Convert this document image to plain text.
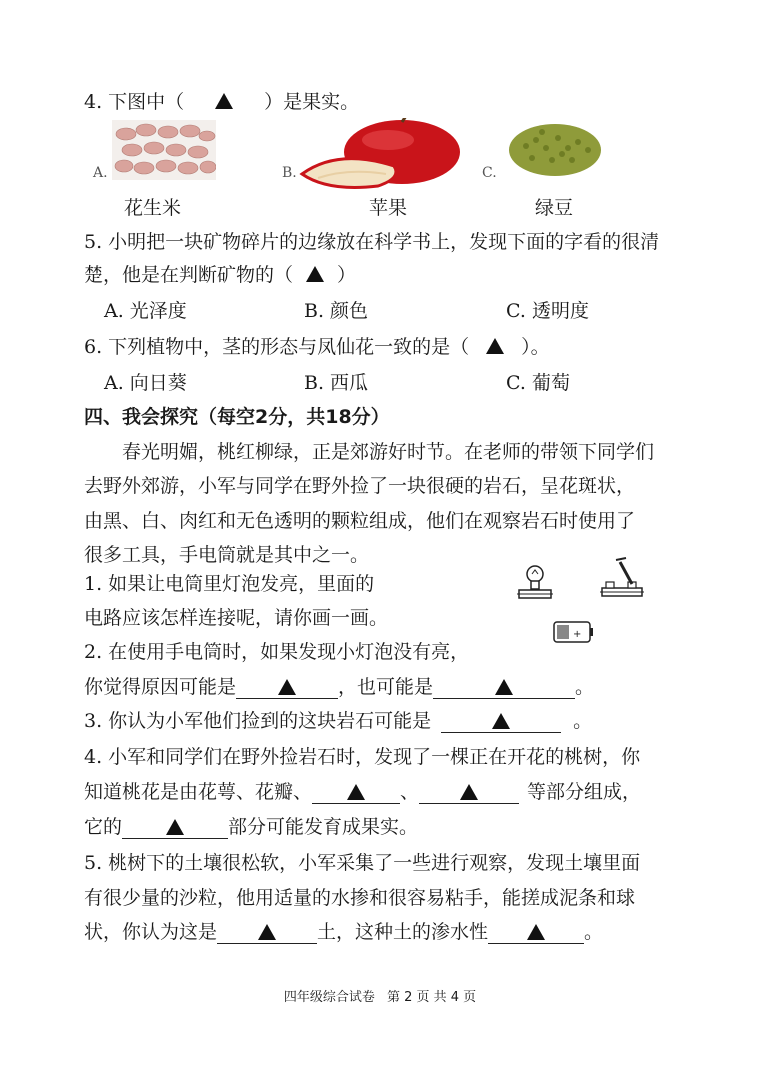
4. 下图中（	）是果实。
A.
花生米
B.
苹果
C.
绿豆
5. 小明把一块矿物碎片的边缘放在科学书上，发现下面的字看的很清
楚，他是在判断矿物的（ ）
A. 光泽度	B. 颜色	C. 透明度
6. 下列植物中，茎的形态与凤仙花一致的是（	）。
A. 向日葵	B. 西瓜	C. 葡萄
四、我会探究（每空2分，共18分）
春光明媚，桃红柳绿，正是郊游好时节。在老师的带领下同学们
去野外郊游，小军与同学在野外捡了一块很硬的岩石，呈花斑状，
由黑、白、肉红和无色透明的颗粒组成，他们在观察岩石时使用了
很多工具，手电筒就是其中之一。
1. 如果让电筒里灯泡发亮，里面的
电路应该怎样连接呢，请你画一画。
+
2. 在使用手电筒时，如果发现小灯泡没有亮，
你觉得原因可能是	，也可能是	。
3. 你认为小军他们捡到的这块岩石可能是	。
4. 小军和同学们在野外捡岩石时，发现了一棵正在开花的桃树，你
知道桃花是由花萼、花瓣、	、	等部分组成，
它的	部分可能发育成果实。
5. 桃树下的土壤很松软，小军采集了一些进行观察，发现土壤里面
有很少量的沙粒，他用适量的水掺和很容易粘手，能搓成泥条和球
状，你认为这是	土，这种土的渗水性	。
四年级综合试卷 第 2 页 共 4 页
